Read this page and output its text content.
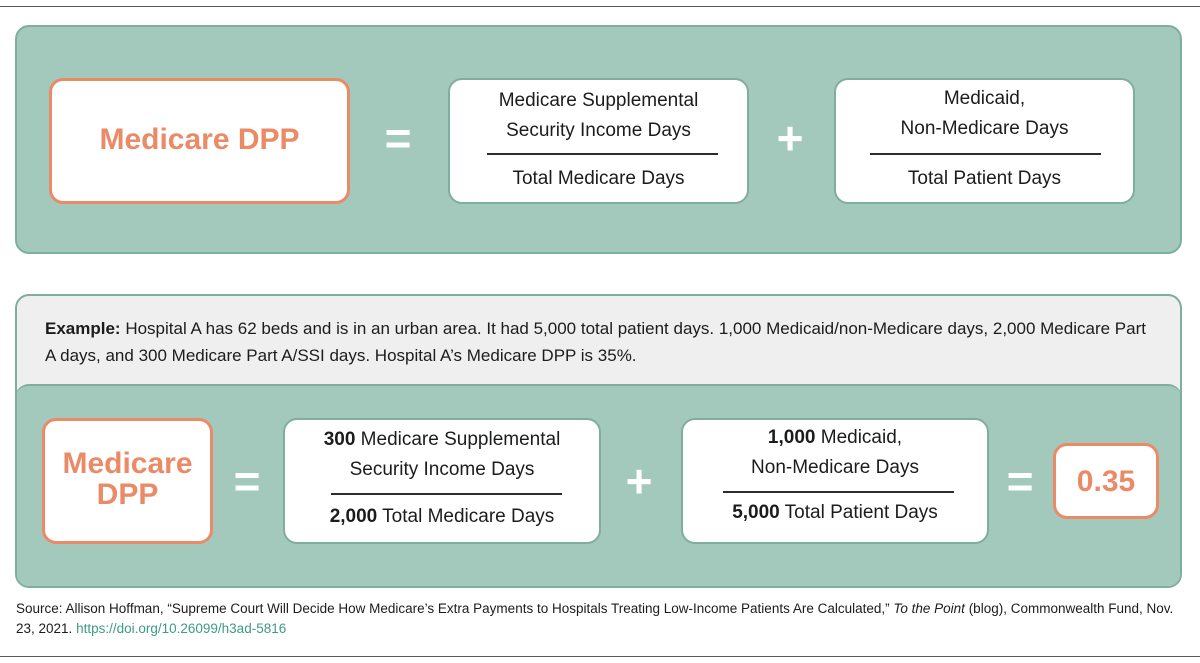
Medicare DPP	=
Medicare Supplemental
Security Income Days
Total Medicare Days
+
Medicaid,
Non-Medicare Days
Total Patient Days
Example: Hospital A has 62 beds and is in an urban area. It had 5,000 total patient days. 1,000 Medicaid/non-Medicare days, 2,000 Medicare Part A days, and 300 Medicare Part A/SSI days. Hospital A’s Medicare DPP is 35%.
Medicare
DPP	=
300 Medicare Supplemental
Security Income Days
2,000 Total Medicare Days
+
1,000 Medicaid,
Non-Medicare Days
5,000 Total Patient Days
=	0.35
Source: Allison Hoffman, “Supreme Court Will Decide How Medicare’s Extra Payments to Hospitals Treating Low-Income Patients Are Calculated,” To the Point (blog), Commonwealth Fund, Nov. 23, 2021. https://doi.org/10.26099/h3ad-5816
